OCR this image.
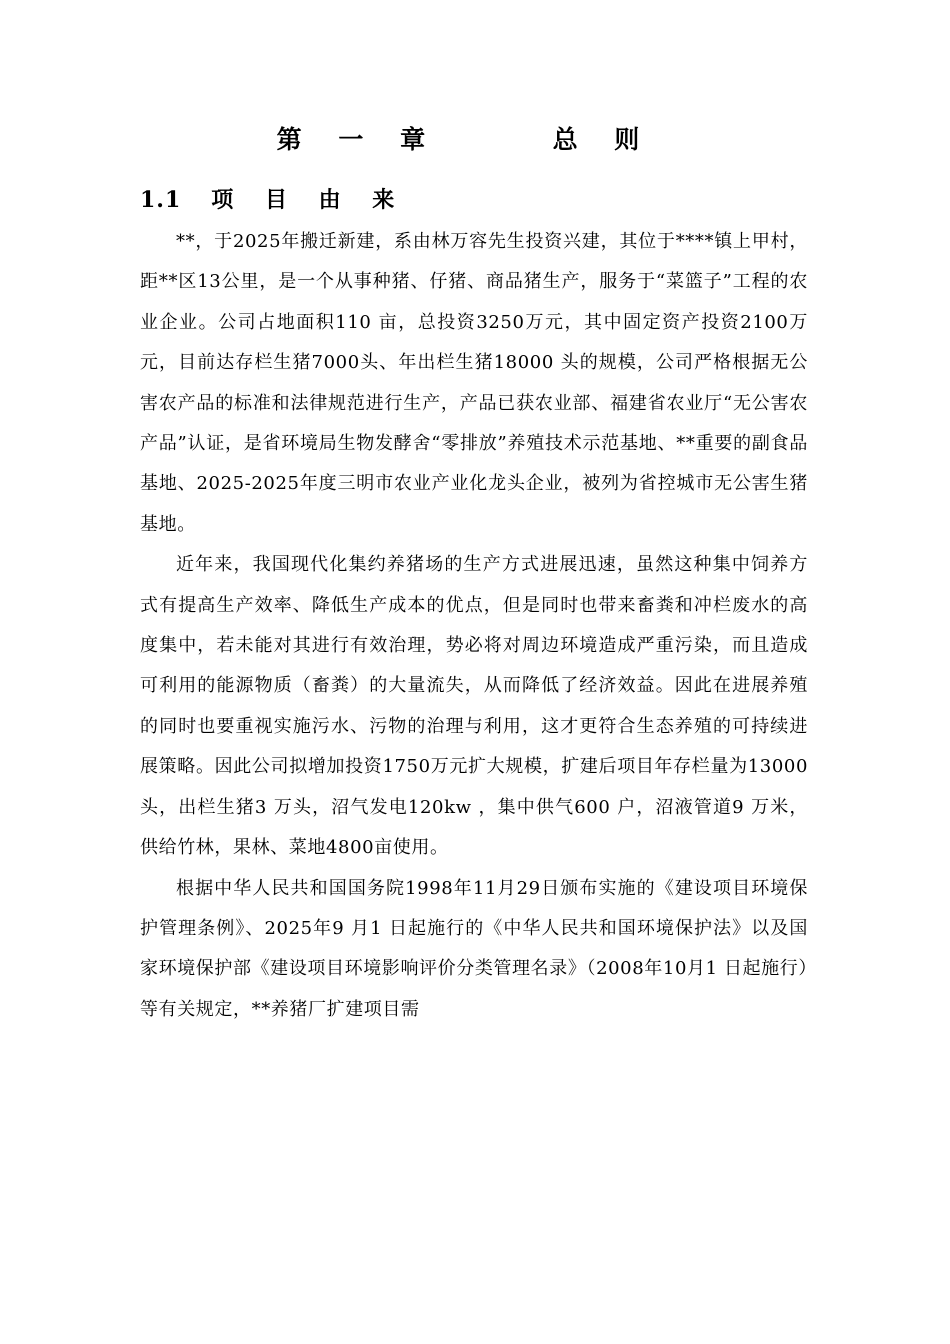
第 一 章     总 则
1.1 项 目 由 来

**，于2025年搬迁新建，系由林万容先生投资兴建，其位于****镇上甲村，距**区13公里，是一个从事种猪、仔猪、商品猪生产，服务于“菜篮子”工程的农业企业。公司占地面积110 亩，总投资3250万元，其中固定资产投资2100万元，目前达存栏生猪7000头、年出栏生猪18000 头的规模，公司严格根据无公害农产品的标准和法律规范进行生产，产品已获农业部、福建省农业厅“无公害农产品”认证，是省环境局生物发酵舍“零排放”养殖技术示范基地、**重要的副食品基地、2025-2025年度三明市农业产业化龙头企业，被列为省控城市无公害生猪基地。

近年来，我国现代化集约养猪场的生产方式进展迅速，虽然这种集中饲养方式有提高生产效率、降低生产成本的优点，但是同时也带来畜粪和冲栏废水的高度集中，若未能对其进行有效治理，势必将对周边环境造成严重污染，而且造成可利用的能源物质（畜粪）的大量流失，从而降低了经济效益。因此在进展养殖的同时也要重视实施污水、污物的治理与利用，这才更符合生态养殖的可持续进展策略。因此公司拟增加投资1750万元扩大规模，扩建后项目年存栏量为13000头，出栏生猪3 万头，沼气发电120kw ，集中供气600 户，沼液管道9 万米，供给竹林，果林、菜地4800亩使用。

根据中华人民共和国国务院1998年11月29日颁布实施的《建设项目环境保护管理条例》、2025年9 月1 日起施行的《中华人民共和国环境保护法》以及国家环境保护部《建设项目环境影响评价分类管理名录》（2008年10月1 日起施行）等有关规定，**养猪厂扩建项目需
